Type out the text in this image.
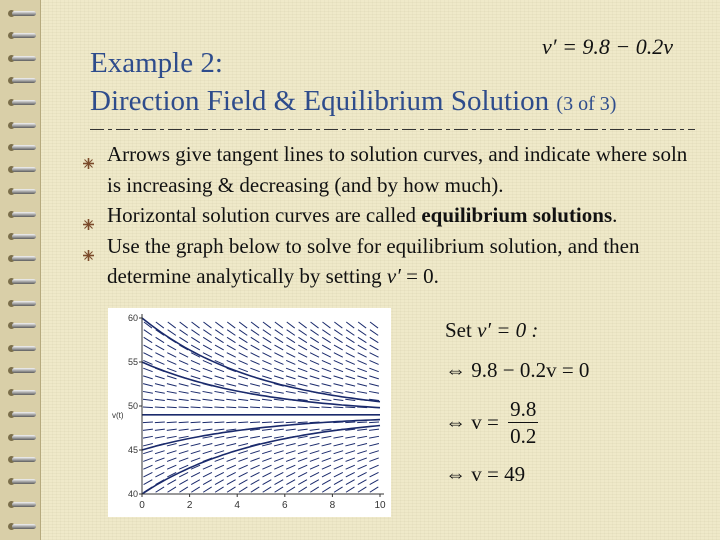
Example 2:
Direction Field & Equilibrium Solution (3 of 3)
v′ = 9.8 − 0.2v
Arrows give tangent lines to solution curves, and indicate where soln is increasing & decreasing (and by how much).
Horizontal solution curves are called equilibrium solutions.
Use the graph below to solve for equilibrium solution, and then determine analytically by setting v′ = 0.
0	2	4	6	8	10
40
45
50
55
60
v(t)
Set v′ = 0 :
⇔ 9.8 − 0.2v = 0
⇔ $v = \frac{9.8}{0.2}$
⇔ v = 49
